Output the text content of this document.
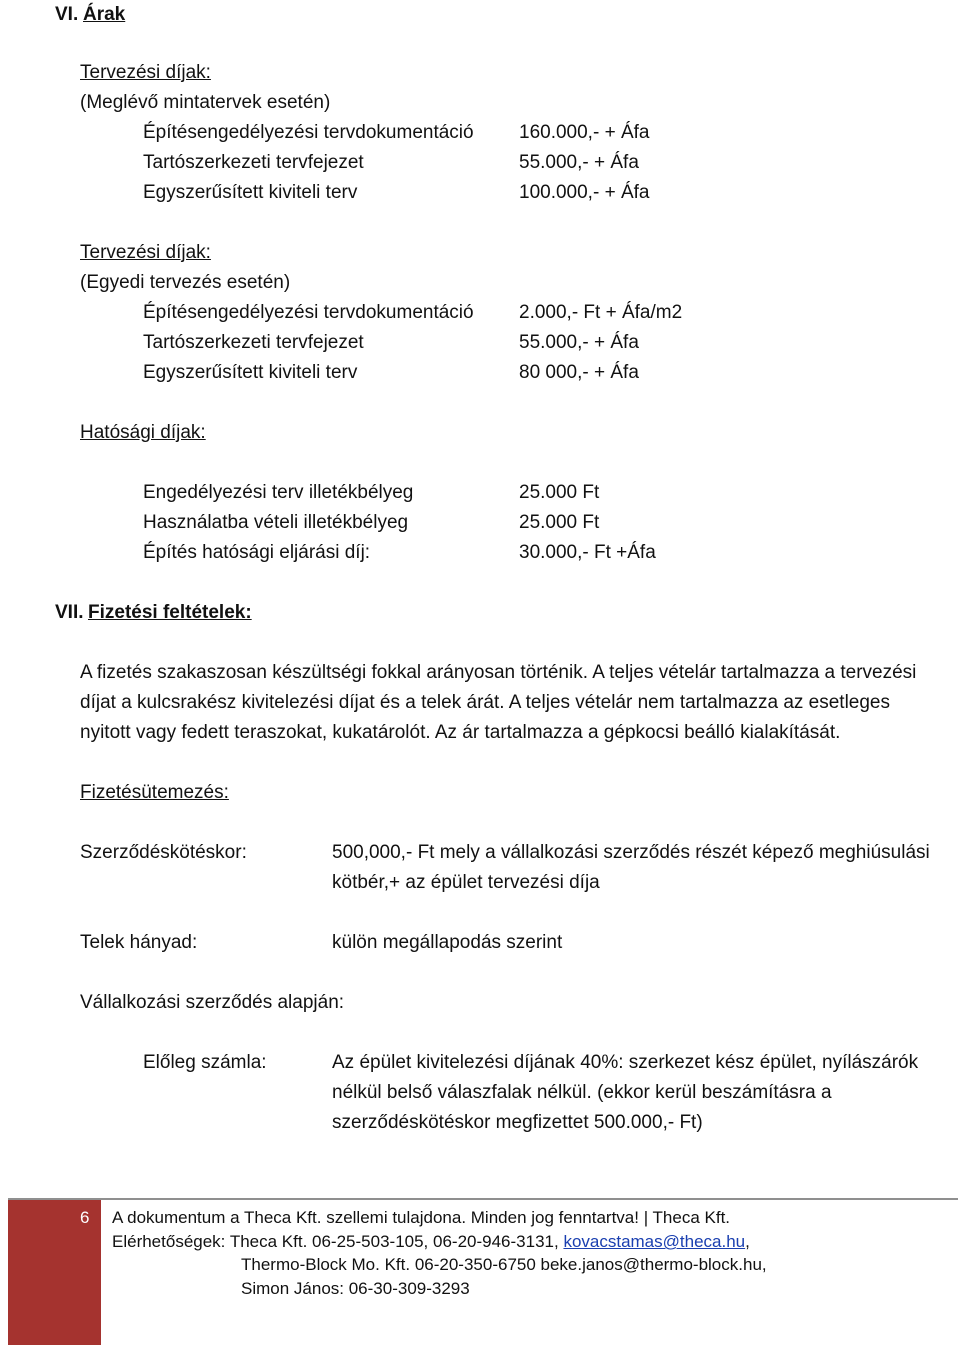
VI. Árak
Tervezési díjak:
(Meglévő mintatervek esetén)
Építésengedélyezési tervdokumentáció 160.000,- + Áfa
Tartószerkezeti tervfejezet	55.000,- + Áfa
Egyszerűsített kiviteli terv	100.000,- + Áfa
Tervezési díjak:
(Egyedi tervezés esetén)
Építésengedélyezési tervdokumentáció 2.000,- Ft + Áfa/m2
Tartószerkezeti tervfejezet	55.000,- + Áfa
Egyszerűsített kiviteli terv	80 000,- + Áfa
Hatósági díjak:
Engedélyezési terv illetékbélyeg	25.000 Ft
Használatba vételi illetékbélyeg	25.000 Ft
Építés hatósági eljárási díj:	30.000,- Ft +Áfa
VII. Fizetési feltételek:
A fizetés szakaszosan készültségi fokkal arányosan történik. A teljes vételár tartalmazza a tervezési
díjat a kulcsrakész kivitelezési díjat és a telek árát. A teljes vételár nem tartalmazza az esetleges
nyitott vagy fedett teraszokat, kukatárolót. Az ár tartalmazza a gépkocsi beálló kialakítását.
Fizetésütemezés:
Szerződéskötéskor:	500,000,- Ft mely a vállalkozási szerződés részét képező meghiúsulási
kötbér,+ az épület tervezési díja
Telek hányad:	külön megállapodás szerint
Vállalkozási szerződés alapján:
Előleg számla:	Az épület kivitelezési díjának 40%: szerkezet kész épület, nyílászárók
nélkül belső válaszfalak nélkül. (ekkor kerül beszámításra a
szerződéskötéskor megfizettet 500.000,- Ft)
6 A dokumentum a Theca Kft. szellemi tulajdona. Minden jog fenntartva! | Theca Kft.
Elérhetőségek: Theca Kft. 06-25-503-105, 06-20-946-3131, kovacstamas@theca.hu,
Thermo-Block Mo. Kft. 06-20-350-6750 beke.janos@thermo-block.hu,
Simon János: 06-30-309-3293
